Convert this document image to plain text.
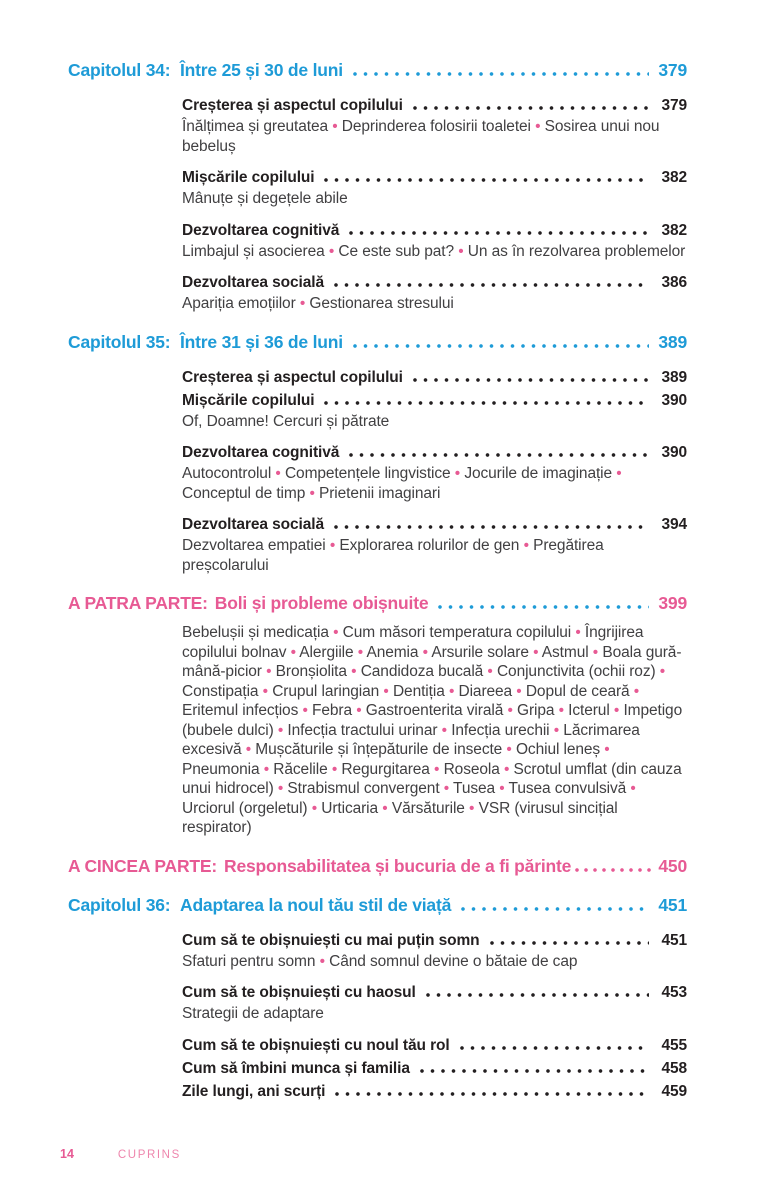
Capitolul 34: Între 25 și 30 de luni	379
Creșterea și aspectul copilului	379
Înălțimea și greutatea • Deprinderea folosirii toaletei • Sosirea unui nou bebeluș
Mișcările copilului	382
Mânuțe și degețele abile
Dezvoltarea cognitivă	382
Limbajul și asocierea • Ce este sub pat? • Un as în rezolvarea problemelor
Dezvoltarea socială	386
Apariția emoțiilor • Gestionarea stresului
Capitolul 35: Între 31 și 36 de luni	389
Creșterea și aspectul copilului	389
Mișcările copilului	390
Of, Doamne! Cercuri și pătrate
Dezvoltarea cognitivă	390
Autocontrolul • Competențele lingvistice • Jocurile de imaginație • Conceptul de timp • Prietenii imaginari
Dezvoltarea socială	394
Dezvoltarea empatiei • Explorarea rolurilor de gen • Pregătirea preșcolarului
A PATRA PARTE: Boli și probleme obișnuite	399
Bebelușii și medicația • Cum măsori temperatura copilului • Îngrijirea copilului bolnav • Alergiile • Anemia • Arsurile solare • Astmul • Boala gură-mână-picior • Bronșiolita • Candidoza bucală • Conjunctivita (ochii roz) • Constipația • Crupul laringian • Dentiția • Diareea • Dopul de ceară • Eritemul infecțios • Febra • Gastroenterita virală • Gripa • Icterul • Impetigo (bubele dulci) • Infecția tractului urinar • Infecția urechii • Lăcrimarea excesivă • Mușcăturile și înțepăturile de insecte • Ochiul leneș • Pneumonia • Răcelile • Regurgitarea • Roseola • Scrotul umflat (din cauza unui hidrocel) • Strabismul convergent • Tusea • Tusea convulsivă • Urciorul (orgeletul) • Urticaria • Vărsăturile • VSR (virusul sincițial respirator)
A CINCEA PARTE: Responsabilitatea și bucuria de a fi părinte	450
Capitolul 36: Adaptarea la noul tău stil de viață	451
Cum să te obișnuiești cu mai puțin somn	451
Sfaturi pentru somn • Când somnul devine o bătaie de cap
Cum să te obișnuiești cu haosul	453
Strategii de adaptare
Cum să te obișnuiești cu noul tău rol	455
Cum să îmbini munca și familia	458
Zile lungi, ani scurți	459
14	CUPRINS
